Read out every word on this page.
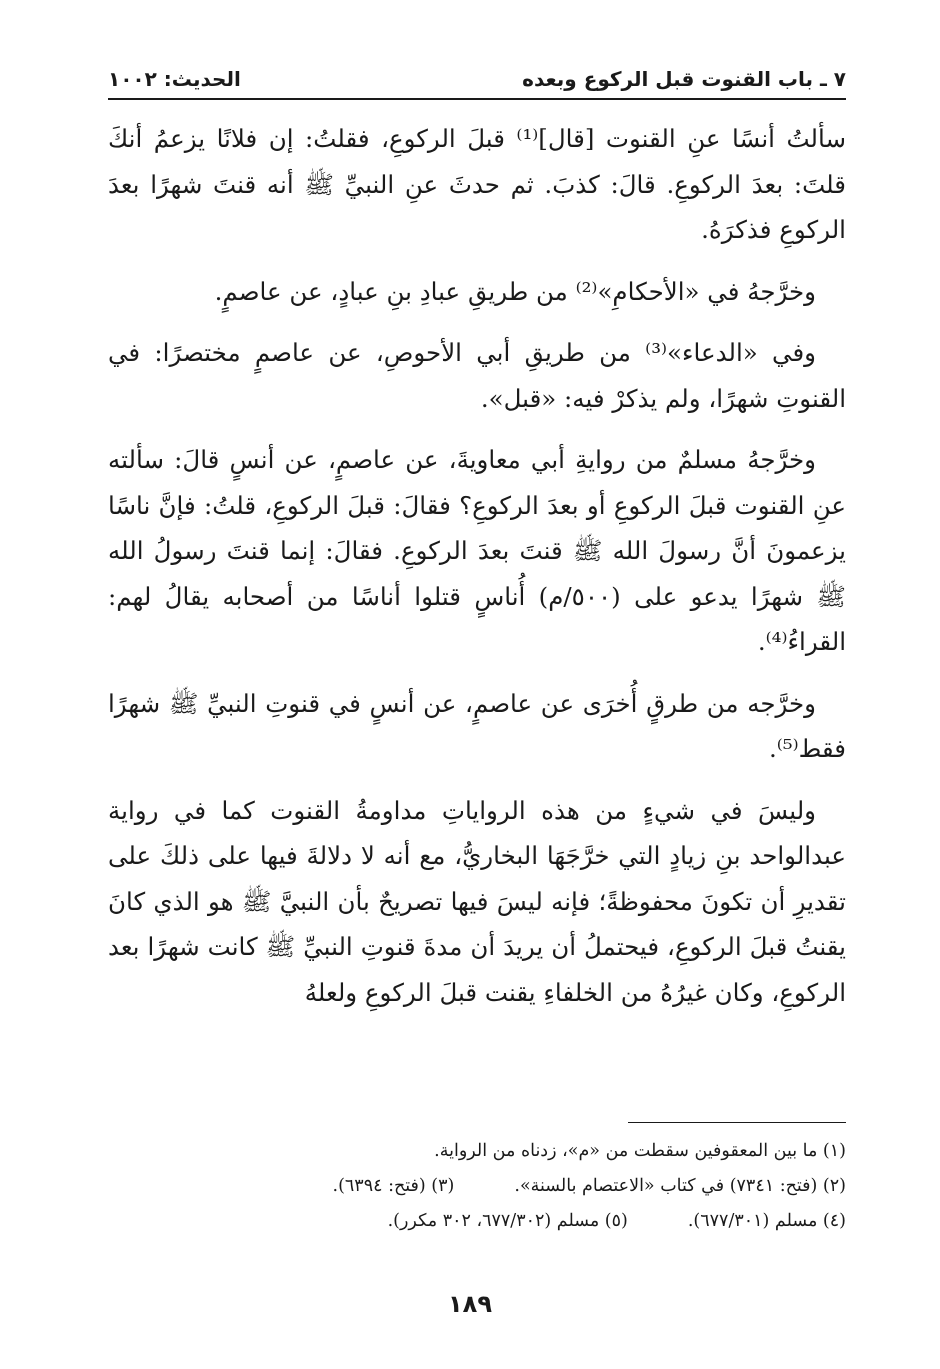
٧ ـ باب القنوت قبل الركوع وبعده
الحديث: ١٠٠٢

سألتُ أنسًا عنِ القنوت [قال]⁽¹⁾ قبلَ الركوعِ، فقلتُ: إن فلانًا يزعمُ أنكَ قلتَ: بعدَ الركوعِ. قالَ: كذبَ. ثم حدثَ عنِ النبيِّ ﷺ أنه قنتَ شهرًا بعدَ الركوعِ فذكرَهُ.

وخرَّجهُ في «الأحكامِ»⁽²⁾ من طريقِ عبادِ بنِ عبادٍ، عن عاصمٍ.

وفي «الدعاء»⁽³⁾ من طريقِ أبي الأحوصِ، عن عاصمٍ مختصرًا: في القنوتِ شهرًا، ولم يذكرْ فيه: «قبل».

وخرَّجهُ مسلمٌ من روايةِ أبي معاويةَ، عن عاصمٍ، عن أنسٍ قالَ: سألته عنِ القنوت قبلَ الركوعِ أو بعدَ الركوعِ؟ فقالَ: قبلَ الركوعِ، قلتُ: فإنَّ ناسًا يزعمونَ أنَّ رسولَ الله ﷺ قنتَ بعدَ الركوعِ. فقالَ: إنما قنتَ رسولُ الله ﷺ شهرًا يدعو على (٥٠٠/م) أُناسٍ قتلوا أناسًا من أصحابه يقالُ لهم: القراءُ⁽⁴⁾.

وخرَّجه من طرقٍ أُخرَى عن عاصمٍ، عن أنسٍ في قنوتِ النبيِّ ﷺ شهرًا فقط⁽⁵⁾.

وليسَ في شيءٍ من هذه الرواياتِ مداومةُ القنوت كما في رواية عبدالواحد بنِ زيادٍ التي خرَّجَهَا البخاريُّ، مع أنه لا دلالةَ فيها على ذلكَ على تقديرِ أن تكونَ محفوظةً؛ فإنه ليسَ فيها تصريحٌ بأن النبيَّ ﷺ هو الذي كانَ يقنتُ قبلَ الركوعِ، فيحتملُ أن يريدَ أن مدةَ قنوتِ النبيِّ ﷺ كانت شهرًا بعد الركوعِ، وكان غيرُهُ من الخلفاءِ يقنت قبلَ الركوعِ ولعلهُ

(١) ما بين المعقوفين سقطت من «م»، زدناه من الرواية.
(٢) (فتح: ٧٣٤١) في كتاب «الاعتصام بالسنة».
(٣) (فتح: ٦٣٩٤).
(٤) مسلم (٦٧٧/٣٠١).
(٥) مسلم (٦٧٧/٣٠٢، ٣٠٢ مكرر).
١٨٩
